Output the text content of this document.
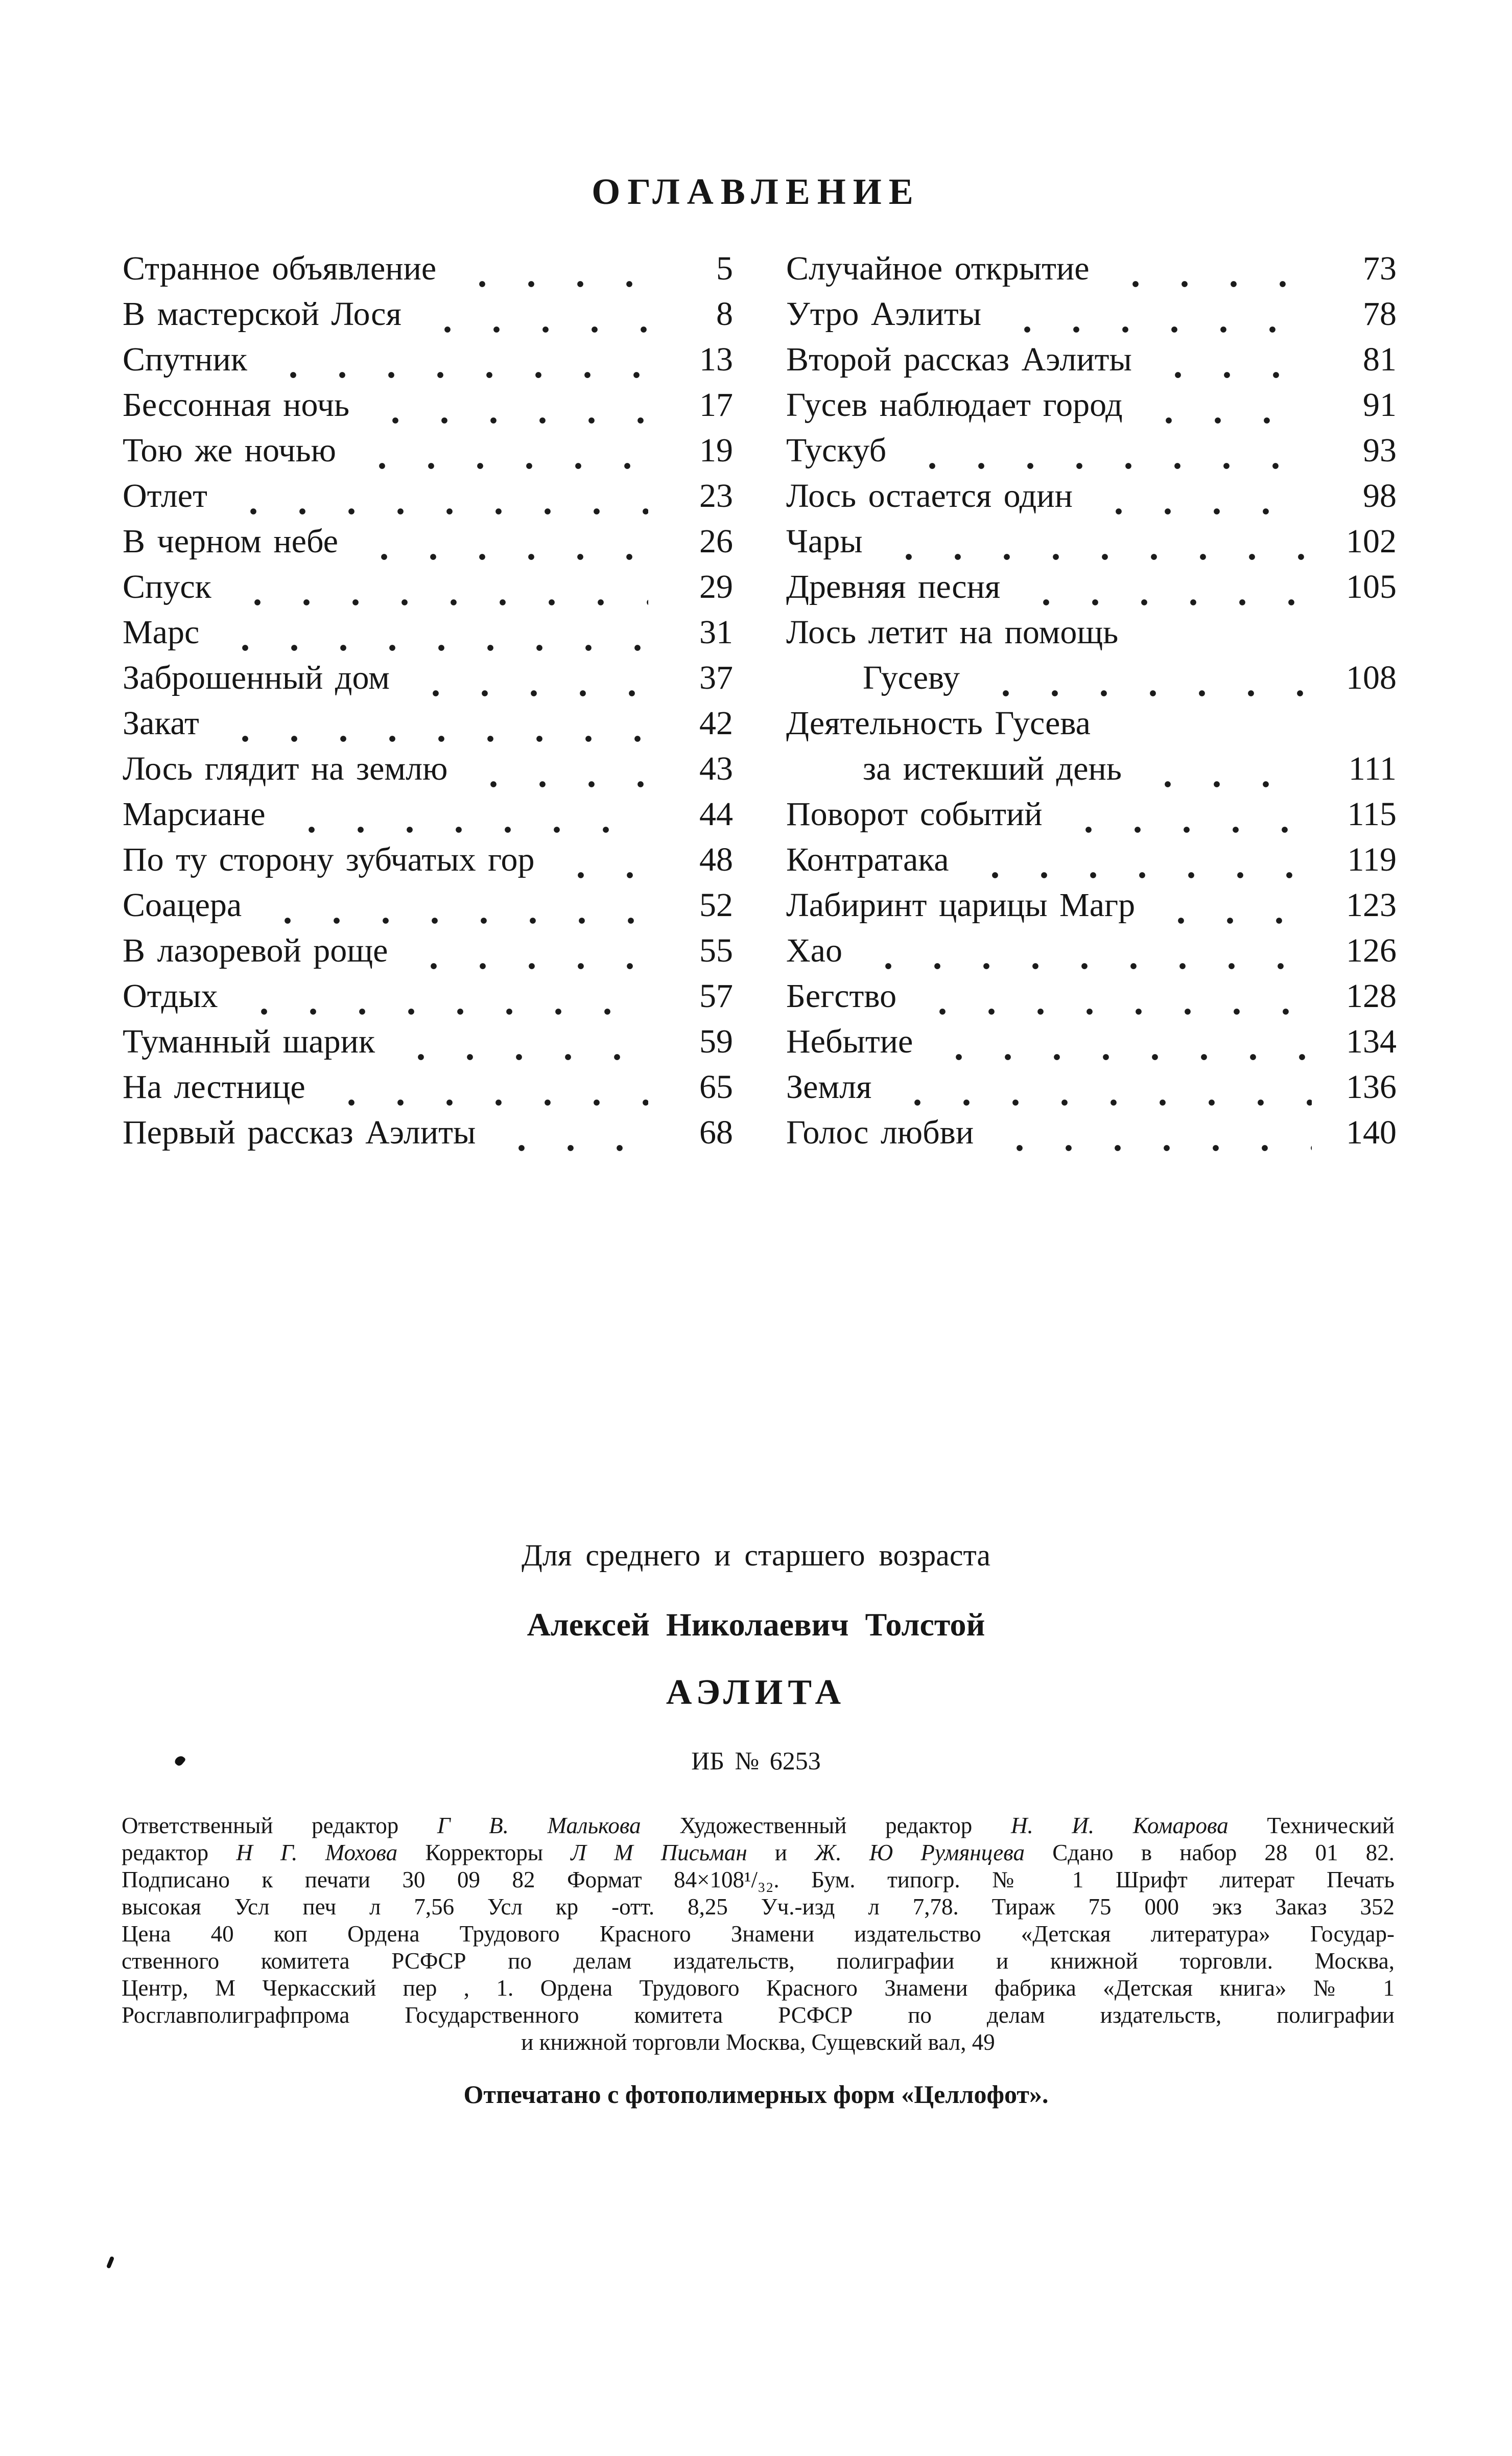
ОГЛАВЛЕНИЕ
Странное объявление	5
В мастерской Лося	8
Спутник	13
Бессонная ночь	17
Тою же ночью	19
Отлет	23
В черном небе	26
Спуск	29
Марс	31
Заброшенный дом	37
Закат	42
Лось глядит на землю	43
Марсиане	44
По ту сторону зубчатых гор	48
Соацера	52
В лазоревой роще	55
Отдых	57
Туманный шарик	59
На лестнице	65
Первый рассказ Аэлиты	68
Случайное открытие	73
Утро Аэлиты	78
Второй рассказ Аэлиты	81
Гусев наблюдает город	91
Тускуб	93
Лось остается один	98
Чары	102
Древняя песня	105
Лось летит на помощь
Гусеву	108
Деятельность Гусева
за истекший день	111
Поворот событий	115
Контратака	119
Лабиринт царицы Магр	123
Хао	126
Бегство	128
Небытие	134
Земля	136
Голос любви	140
Для среднего и старшего возраста
Алексей Николаевич Толстой
АЭЛИТА
ИБ № 6253
Ответственный редактор Г В. Малькова Художественный редактор Н. И. Комарова Технический
редактор Н Г. Мохова Корректоры Л М Письман и Ж. Ю Румянцева Сдано в набор 28 01 82.
Подписано к печати 30 09 82 Формат 84×108¹/₃₂. Бум. типогр. № 1 Шрифт литерат Печать
высокая Усл печ л 7,56 Усл кр -отт. 8,25 Уч.-изд л 7,78. Тираж 75 000 экз Заказ 352
Цена 40 коп Ордена Трудового Красного Знамени издательство «Детская литература» Государ-
ственного комитета РСФСР по делам издательств, полиграфии и книжной торговли. Москва,
Центр, М Черкасский пер , 1. Ордена Трудового Красного Знамени фабрика «Детская книга» № 1
Росглавполиграфпрома Государственного комитета РСФСР по делам издательств, полиграфии
и книжной торговли Москва, Сущевский вал, 49
Отпечатано с фотополимерных форм «Целлофот».
